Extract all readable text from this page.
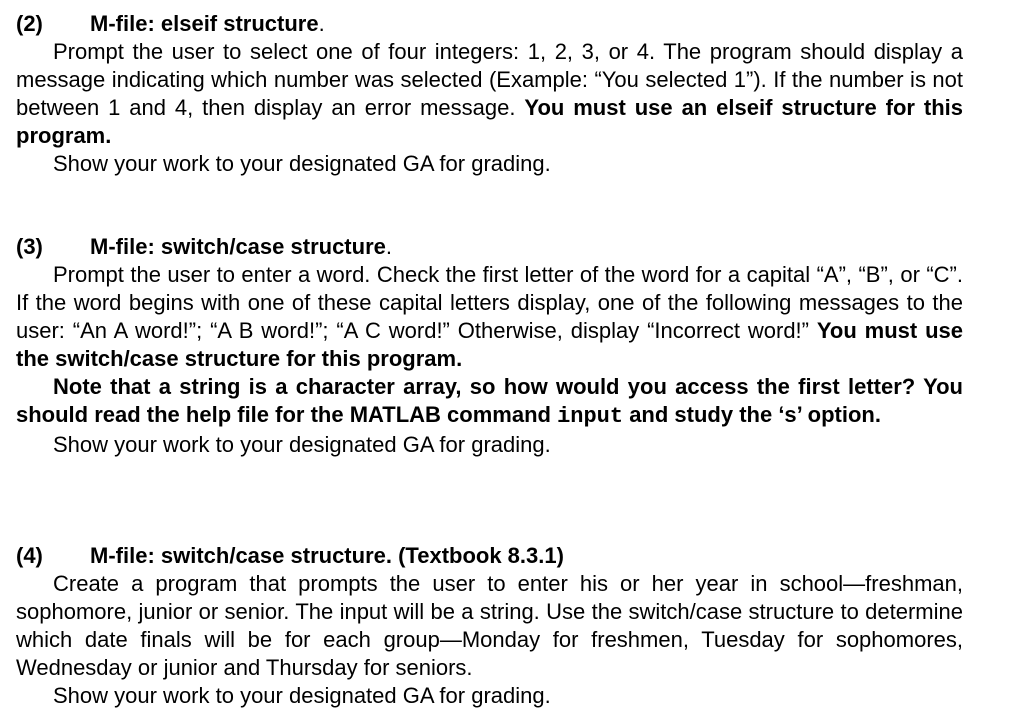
(2)	M-file: elseif structure .

Prompt the user to select one of four integers: 1, 2, 3, or 4. The program should display a message indicating which number was selected (Example: “You selected 1”). If the number is not between 1 and 4, then display an error message. You must use an elseif structure for this program.

Show your work to your designated GA for grading.

(3)	M-file: switch/case structure .

Prompt the user to enter a word. Check the first letter of the word for a capital “A”, “B”, or “C”. If the word begins with one of these capital letters display, one of the following messages to the user: “An A word!”; “A B word!”; “A C word!” Otherwise, display “Incorrect word!” You must use the switch/case structure for this program.

Note that a string is a character array, so how would you access the first letter? You should read the help file for the MATLAB command input and study the ‘s’ option.

Show your work to your designated GA for grading.

(4)	M-file: switch/case structure. (Textbook 8.3.1)

Create a program that prompts the user to enter his or her year in school—freshman, sophomore, junior or senior. The input will be a string. Use the switch/case structure to determine which date finals will be for each group—Monday for freshmen, Tuesday for sophomores, Wednesday or junior and Thursday for seniors.

Show your work to your designated GA for grading.
